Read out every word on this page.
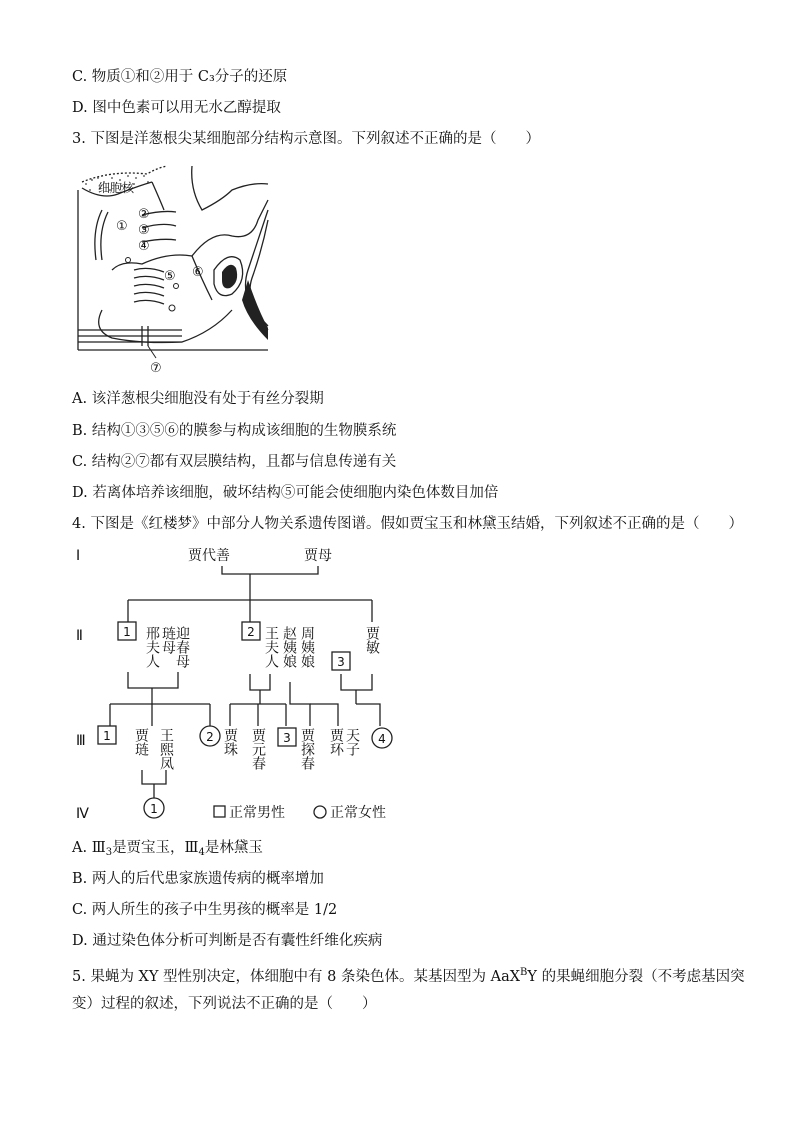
C. 物质①和②用于 C₃分子的还原
D. 图中色素可以用无水乙醇提取
3. 下图是洋葱根尖某细胞部分结构示意图。下列叙述不正确的是（　　）
细胞核
①
②
③
④
⑤ ⑥
⑦
A. 该洋葱根尖细胞没有处于有丝分裂期
B. 结构①③⑤⑥的膜参与构成该细胞的生物膜系统
C. 结构②⑦都有双层膜结构，且都与信息传递有关
D. 若离体培养该细胞，破坏结构⑤可能会使细胞内染色体数目加倍
4. 下图是《红楼梦》中部分人物关系遗传图谱。假如贾宝玉和林黛玉结婚，下列叙述不正确的是（　　）
Ⅰ
Ⅱ
Ⅲ
Ⅳ
贾代善	贾母
1	2
3
1	2	3	4
1
邢夫人 琏母
迎春母	王夫人 赵姨娘 周姨娘	贾敏
贾琏 王熙凤	贾珠 贾元春 贾探春 贾环 天子
正常男性	正常女性
A. $Ⅲ_3$是贾宝玉，$Ⅲ_4$是林黛玉
B. 两人的后代患家族遗传病的概率增加
C. 两人所生的孩子中生男孩的概率是 1/2
D. 通过染色体分析可判断是否有囊性纤维化疾病
5. 果蝇为 XY 型性别决定，体细胞中有 8 条染色体。某基因型为 AaX$^B$Y 的果蝇细胞分裂（不考虑基因突
变）过程的叙述，下列说法不正确的是（　　）
